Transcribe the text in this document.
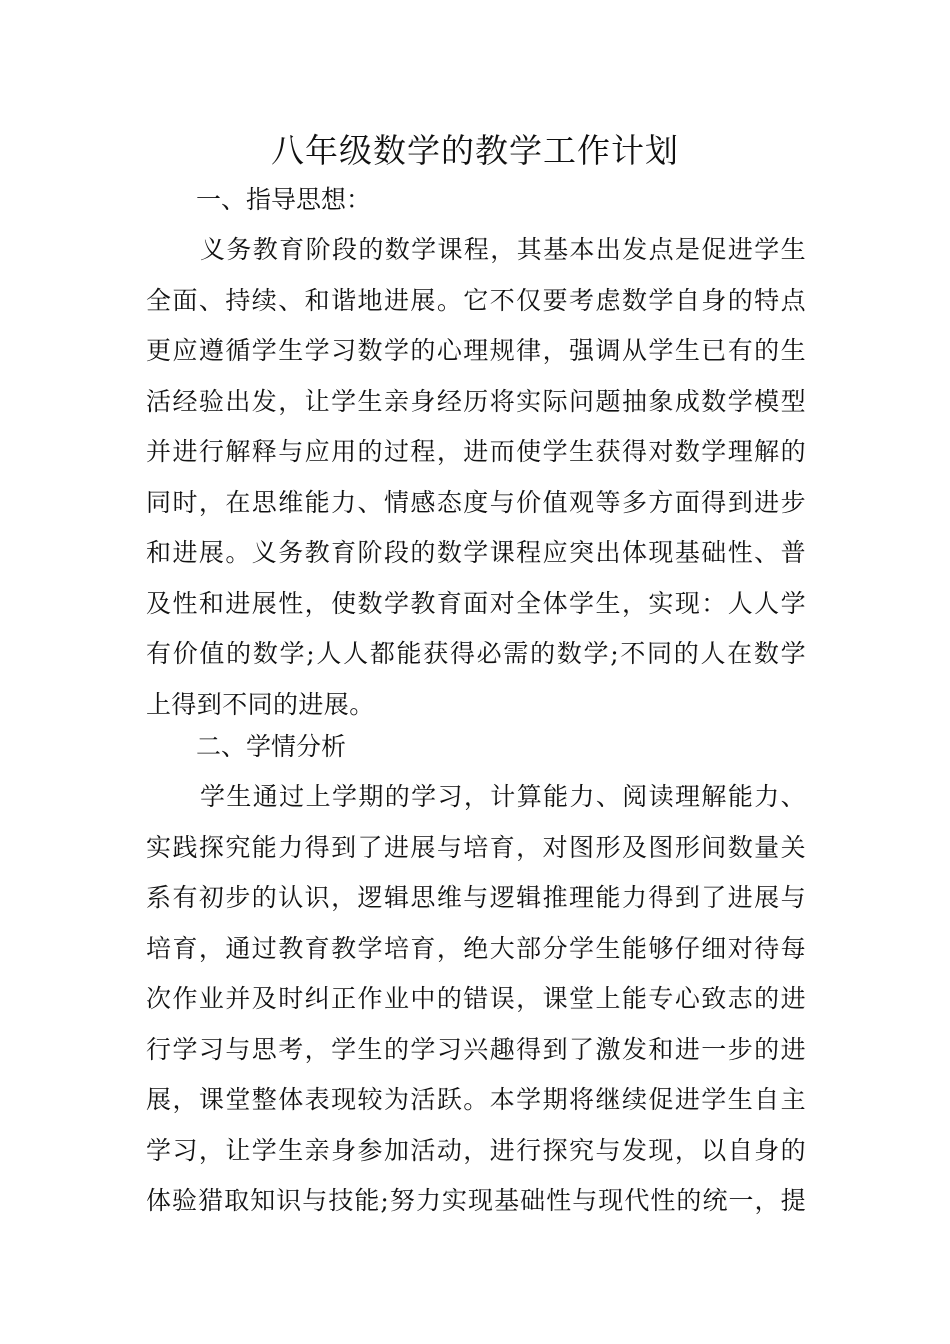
八年级数学的教学工作计划
一、指导思想：
义务教育阶段的数学课程，其基本出发点是促进学生
全面、持续、和谐地进展。它不仅要考虑数学自身的特点
更应遵循学生学习数学的心理规律，强调从学生已有的生
活经验出发，让学生亲身经历将实际问题抽象成数学模型
并进行解释与应用的过程，进而使学生获得对数学理解的
同时，在思维能力、情感态度与价值观等多方面得到进步
和进展。义务教育阶段的数学课程应突出体现基础性、普
及性和进展性，使数学教育面对全体学生，实现：人人学
有价值的数学;人人都能获得必需的数学;不同的人在数学
上得到不同的进展。
二、学情分析
学生通过上学期的学习，计算能力、阅读理解能力、
实践探究能力得到了进展与培育，对图形及图形间数量关
系有初步的认识，逻辑思维与逻辑推理能力得到了进展与
培育，通过教育教学培育，绝大部分学生能够仔细对待每
次作业并及时纠正作业中的错误，课堂上能专心致志的进
行学习与思考，学生的学习兴趣得到了激发和进一步的进
展，课堂整体表现较为活跃。本学期将继续促进学生自主
学习，让学生亲身参加活动，进行探究与发现，以自身的
体验猎取知识与技能;努力实现基础性与现代性的统一，提
